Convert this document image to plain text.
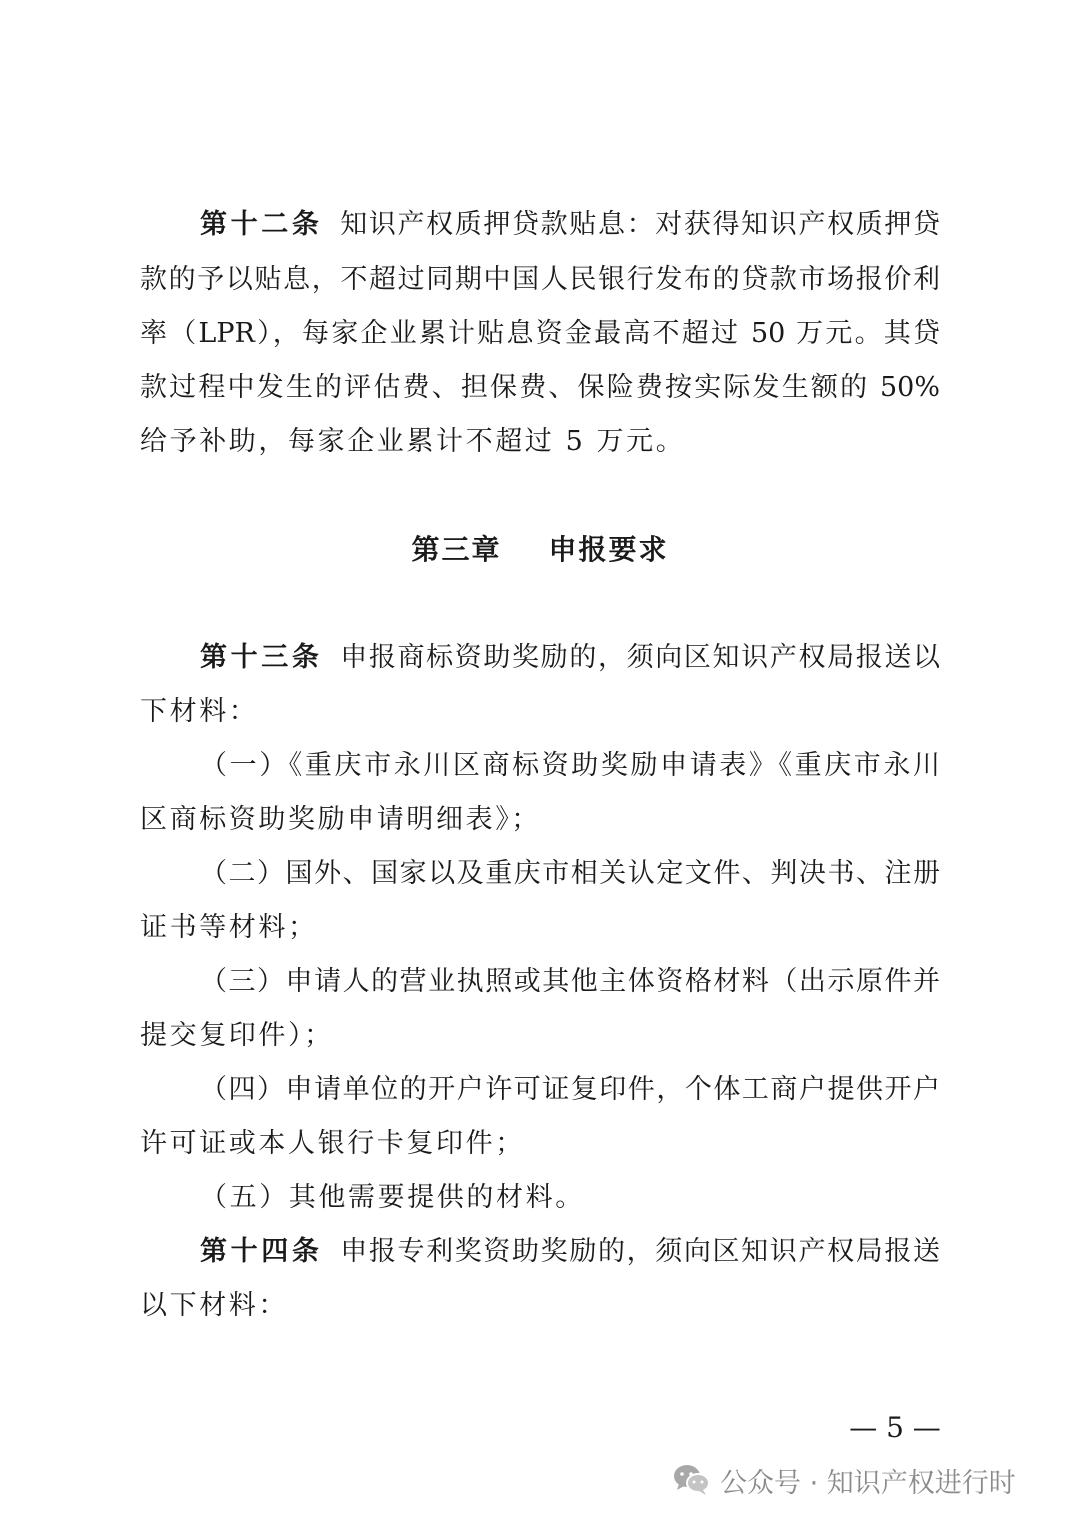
第十二条 知识产权质押贷款贴息：对获得知识产权质押贷
款的予以贴息，不超过同期中国人民银行发布的贷款市场报价利
率（LPR），每家企业累计贴息资金最高不超过 50 万元。其贷
款过程中发生的评估费、担保费、保险费按实际发生额的 50%
给予补助，每家企业累计不超过 5 万元。
第三章    申报要求
第十三条 申报商标资助奖励的，须向区知识产权局报送以
下材料：
（一）《重庆市永川区商标资助奖励申请表》《重庆市永川
区商标资助奖励申请明细表》；
（二）国外、国家以及重庆市相关认定文件、判决书、注册
证书等材料；
（三）申请人的营业执照或其他主体资格材料（出示原件并
提交复印件）；
（四）申请单位的开户许可证复印件，个体工商户提供开户
许可证或本人银行卡复印件；
（五）其他需要提供的材料。
第十四条 申报专利奖资助奖励的，须向区知识产权局报送
以下材料：
— 5 —
公众号 · 知识产权进行时
